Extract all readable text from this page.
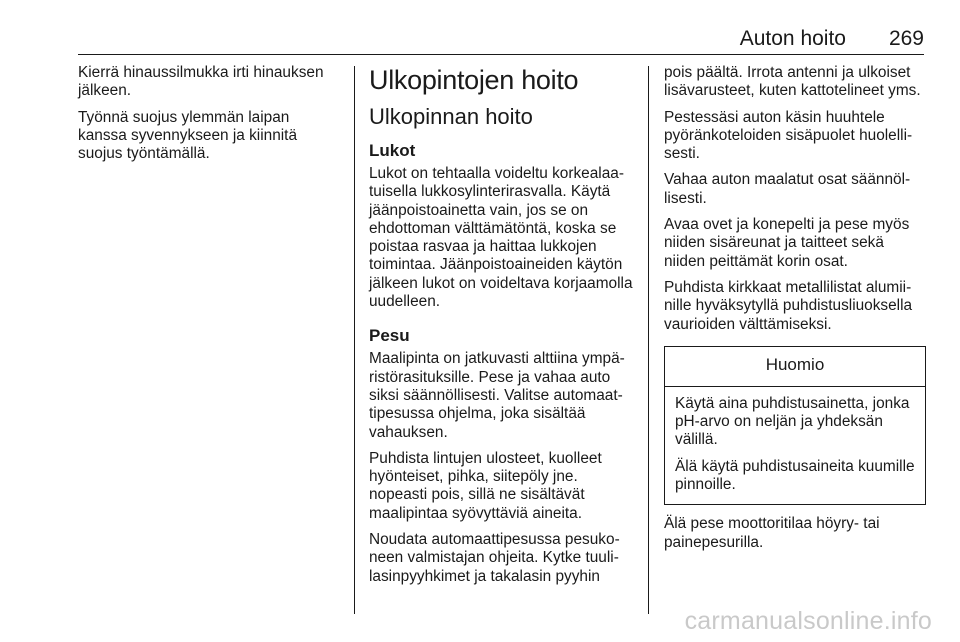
Auton hoito 269

Kierrä hinaussilmukka irti hinauksen jälkeen.

Työnnä suojus ylemmän laipan kanssa syvennykseen ja kiinnitä suojus työntämällä.

Ulkopintojen hoito
Ulkopinnan hoito
Lukot

Lukot on tehtaalla voideltu korkealaatuisella lukkosylinterirasvalla. Käytä jäänpoistoainetta vain, jos se on ehdottoman välttämätöntä, koska se poistaa rasvaa ja haittaa lukkojen toimintaa. Jäänpoistoaineiden käytön jälkeen lukot on voideltava korjaamolla uudelleen.

Pesu

Maalipinta on jatkuvasti alttiina ympäristörasituksille. Pese ja vahaa auto siksi säännöllisesti. Valitse automaattipesussa ohjelma, joka sisältää vahauksen.

Puhdista lintujen ulosteet, kuolleet hyönteiset, pihka, siitepöly jne. nopeasti pois, sillä ne sisältävät maalipintaa syövyttäviä aineita.

Noudata automaattipesussa pesukoneen valmistajan ohjeita. Kytke tuulilasinpyyhkimet ja takalasin pyyhin

pois päältä. Irrota antenni ja ulkoiset lisävarusteet, kuten kattotelineet yms.

Pestessäsi auton käsin huuhtele pyöränkoteloiden sisäpuolet huolellisesti.

Vahaa auton maalatut osat säännöllisesti.

Avaa ovet ja konepelti ja pese myös niiden sisäreunat ja taitteet sekä niiden peittämät korin osat.

Puhdista kirkkaat metallilistat alumiinille hyväksytyllä puhdistusliuoksella vaurioiden välttämiseksi.

Huomio

Käytä aina puhdistusainetta, jonka pH-arvo on neljän ja yhdeksän välillä.

Älä käytä puhdistusaineita kuumille pinnoille.

Älä pese moottoritilaa höyry- tai painepesurilla.

carmanualsonline.info
